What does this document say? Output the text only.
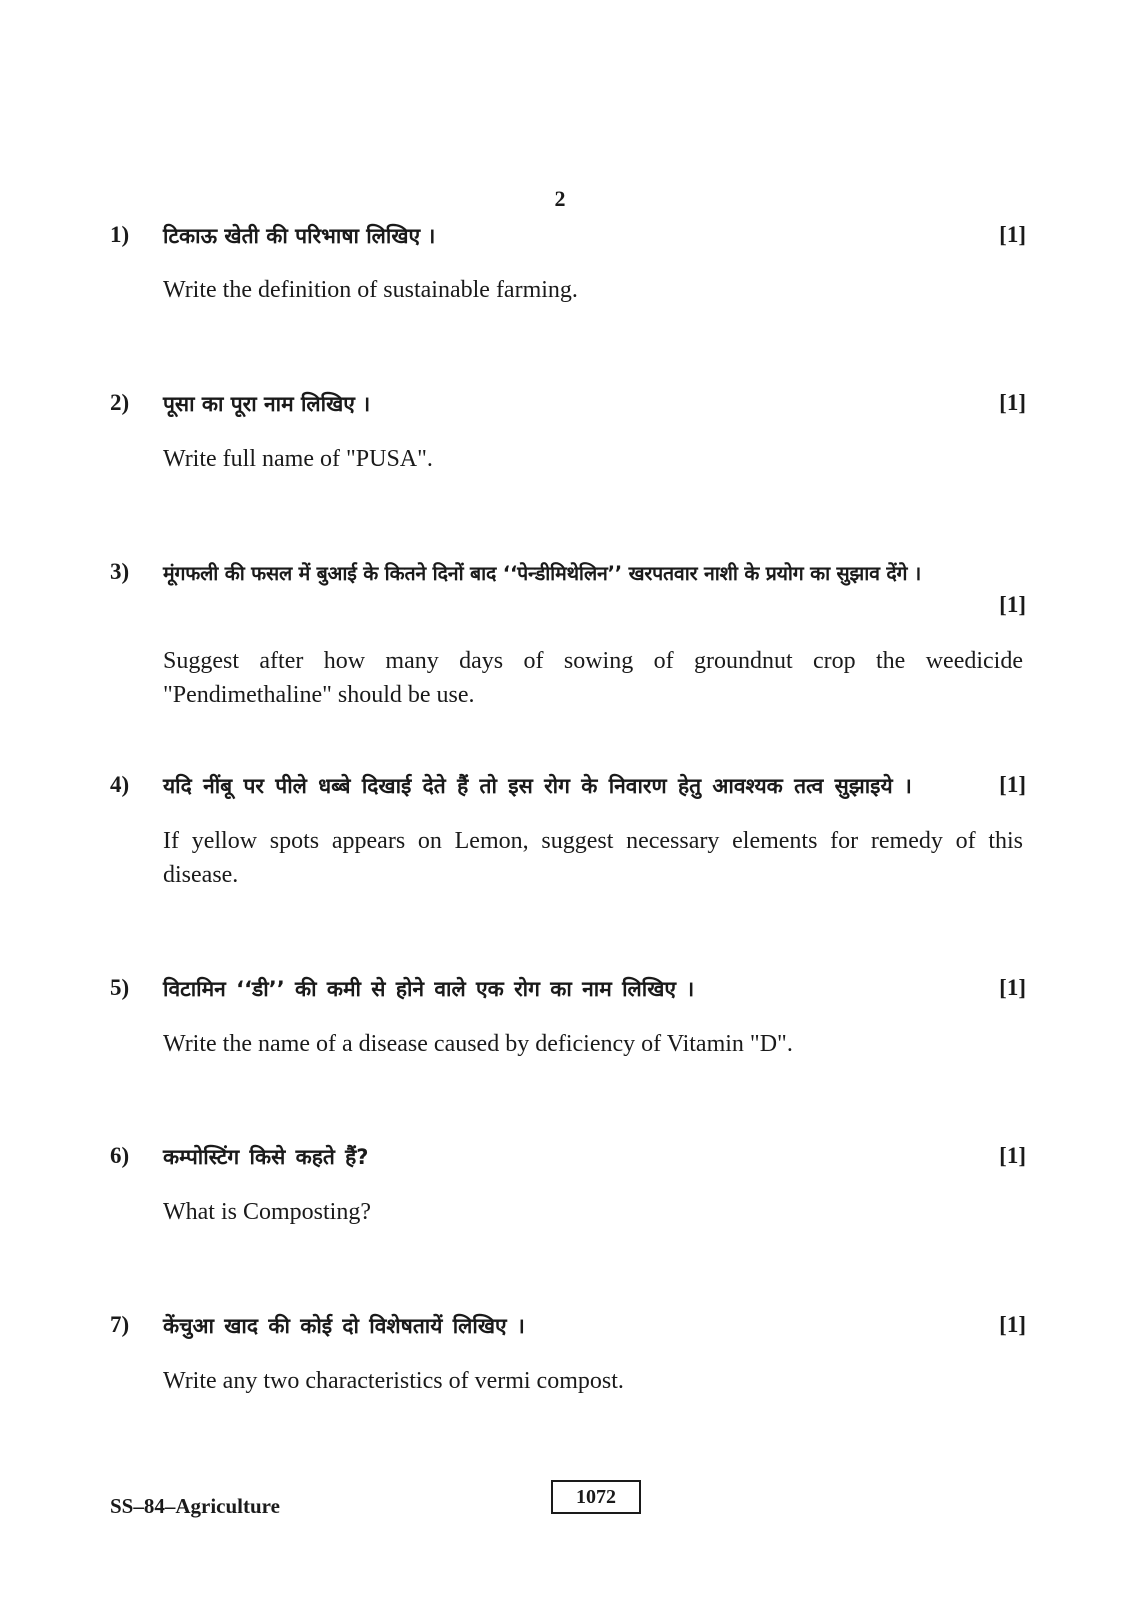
2
1) टिकाऊ खेती की परिभाषा लिखिए ।	[1]
Write the definition of sustainable farming.
2) पूसा का पूरा नाम लिखिए ।	[1]
Write full name of "PUSA".
3) मूंगफली की फसल में बुआई के कितने दिनों बाद ‘‘पेन्डीमिथेलिन’’ खरपतवार नाशी के प्रयोग का सुझाव देंगे ।
[1]
Suggest after how many days of sowing of groundnut crop the weedicide "Pendimethaline" should be use.
4) यदि नींबू पर पीले धब्बे दिखाई देते हैं तो इस रोग के निवारण हेतु आवश्यक तत्व सुझाइये ।	[1]
If yellow spots appears on Lemon, suggest necessary elements for remedy of this disease.
5) विटामिन ‘‘डी’’ की कमी से होने वाले एक रोग का नाम लिखिए ।	[1]
Write the name of a disease caused by deficiency of Vitamin "D".
6) कम्पोस्टिंग किसे कहते हैं?	[1]
What is Composting?
7) केंचुआ खाद की कोई दो विशेषतायें लिखिए ।	[1]
Write any two characteristics of vermi compost.
SS–84–Agriculture	1072
